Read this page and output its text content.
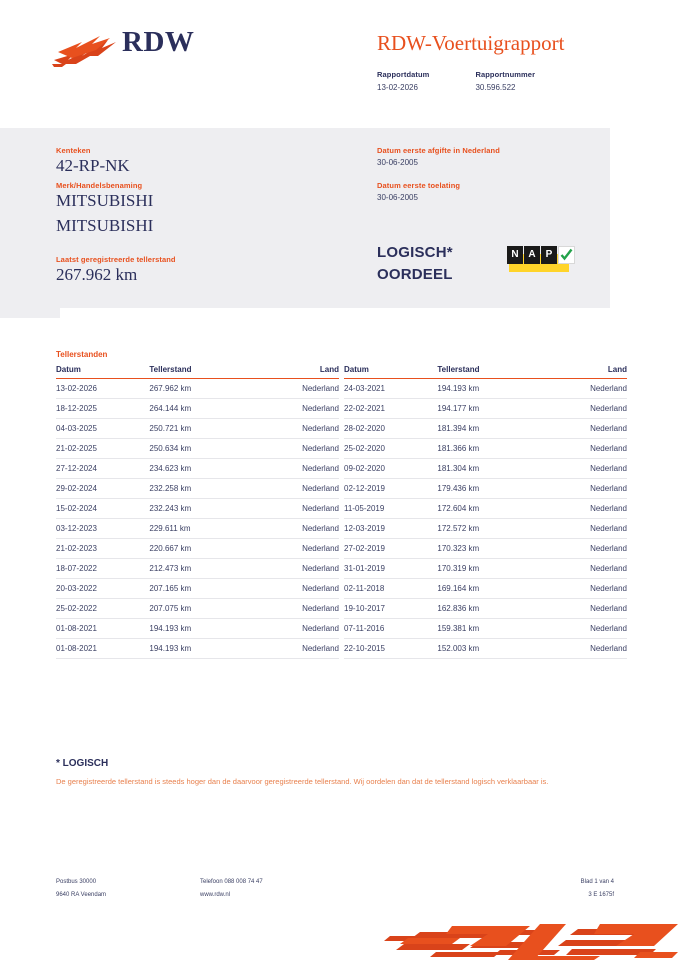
RDW	RDW-Voertuigrapport
Rapportdatum
13-02-2026
Rapportnummer
30.596.522
Kenteken
42-RP-NK
Merk/Handelsbenaming
MITSUBISHI
MITSUBISHI
Laatst geregistreerde tellerstand
267.962 km
Datum eerste afgifte in Nederland
30-06-2005
Datum eerste toelating
30-06-2005
LOGISCH*
OORDEEL
N A	P
Tellerstanden
Datum	Tellerstand	Land
13-02-2026	267.962 km	Nederland
18-12-2025	264.144 km	Nederland
04-03-2025	250.721 km	Nederland
21-02-2025	250.634 km	Nederland
27-12-2024	234.623 km	Nederland
29-02-2024	232.258 km	Nederland
15-02-2024	232.243 km	Nederland
03-12-2023	229.611 km	Nederland
21-02-2023	220.667 km	Nederland
18-07-2022	212.473 km	Nederland
20-03-2022	207.165 km	Nederland
25-02-2022	207.075 km	Nederland
01-08-2021	194.193 km	Nederland
01-08-2021	194.193 km	Nederland
Datum	Tellerstand	Land
24-03-2021	194.193 km	Nederland
22-02-2021	194.177 km	Nederland
28-02-2020	181.394 km	Nederland
25-02-2020	181.366 km	Nederland
09-02-2020	181.304 km	Nederland
02-12-2019	179.436 km	Nederland
11-05-2019	172.604 km	Nederland
12-03-2019	172.572 km	Nederland
27-02-2019	170.323 km	Nederland
31-01-2019	170.319 km	Nederland
02-11-2018	169.164 km	Nederland
19-10-2017	162.836 km	Nederland
07-11-2016	159.381 km	Nederland
22-10-2015	152.003 km	Nederland
* LOGISCH
De geregistreerde tellerstand is steeds hoger dan de daarvoor geregistreerde tellerstand. Wij oordelen dan dat de tellerstand logisch verklaarbaar is.
Postbus 30000
9640 RA Veendam
Telefoon 088 008 74 47
www.rdw.nl
Blad 1 van 4
3 E 1675f
